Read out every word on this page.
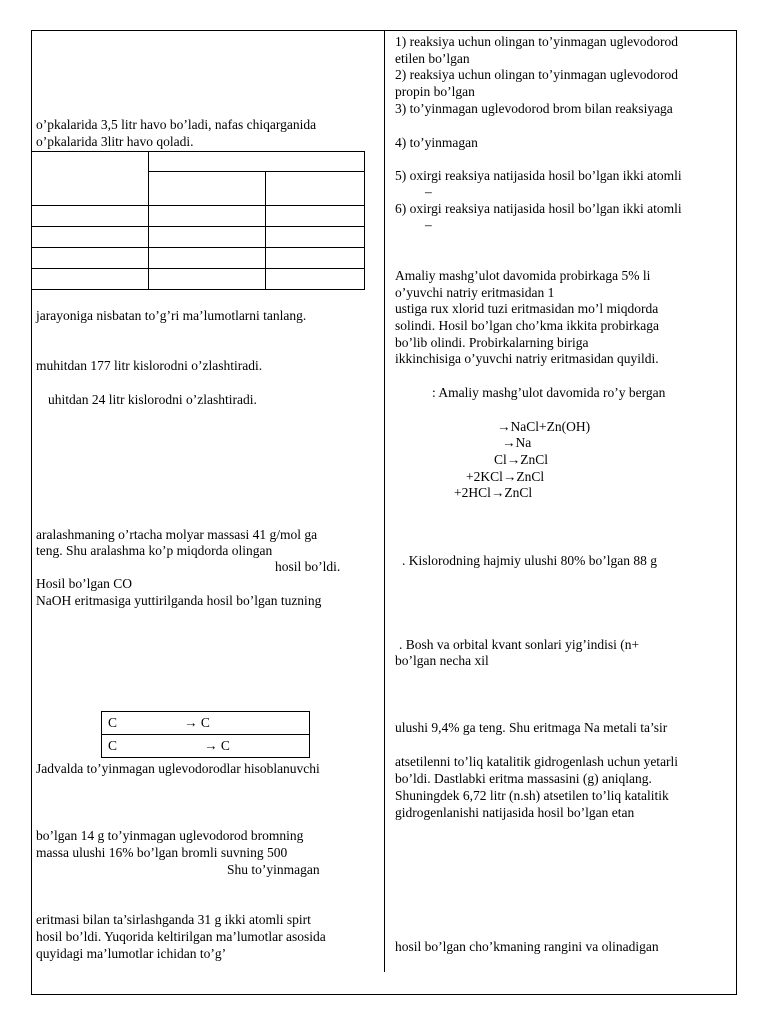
o’pkalarida 3,5 litr havo bo’ladi, nafas chiqarganida
o’pkalarida 3litr havo qoladi.

jarayoniga nisbatan to’g’ri ma’lumotlarni tanlang.
muhitdan 177 litr kislorodni o’zlashtiradi.
uhitdan 24 litr kislorodni o’zlashtiradi.
aralashmaning o’rtacha molyar massasi 41 g/mol ga
teng. Shu aralashma ko’p miqdorda olingan
hosil bo’ldi.
Hosil bo’lgan CO
NaOH eritmasiga yuttirilganda hosil bo’lgan tuzning
C	→ C
C	→ C
Jadvalda to’yinmagan uglevodorodlar hisoblanuvchi
bo’lgan 14 g to’yinmagan uglevodorod bromning
massa ulushi 16% bo’lgan bromli suvning 500
Shu to’yinmagan
eritmasi bilan ta’sirlashganda 31 g ikki atomli spirt
hosil bo’ldi. Yuqorida keltirilgan ma’lumotlar asosida
quyidagi ma’lumotlar ichidan to’g’
1) reaksiya uchun olingan to’yinmagan uglevodorod
etilen bo’lgan
2) reaksiya uchun olingan to’yinmagan uglevodorod
propin bo’lgan
3) to’yinmagan uglevodorod brom bilan reaksiyaga
4) to’yinmagan
5) oxirgi reaksiya natijasida hosil bo’lgan ikki atomli
–
6) oxirgi reaksiya natijasida hosil bo’lgan ikki atomli
–
Amaliy mashg’ulot davomida probirkaga 5% li
o’yuvchi natriy eritmasidan 1
ustiga rux xlorid tuzi eritmasidan mo’l miqdorda
solindi. Hosil bo’lgan cho’kma ikkita probirkaga
bo’lib olindi. Probirkalarning biriga
ikkinchisiga o’yuvchi natriy eritmasidan quyildi.
: Amaliy mashg’ulot davomida ro’y bergan
→NaCl+Zn(OH)
→Na
Cl→ZnCl
+2KCl→ZnCl
+2HCl→ZnCl
. Kislorodning hajmiy ulushi 80% bo’lgan 88 g
. Bosh va orbital kvant sonlari yig’indisi (n+
bo’lgan necha xil
ulushi 9,4% ga teng. Shu eritmaga Na metali ta’sir
atsetilenni to’liq katalitik gidrogenlash uchun yetarli
bo’ldi. Dastlabki eritma massasini (g) aniqlang.
Shuningdek 6,72 litr (n.sh) atsetilen to’liq katalitik
gidrogenlanishi natijasida hosil bo’lgan etan
hosil bo’lgan cho’kmaning rangini va olinadigan
